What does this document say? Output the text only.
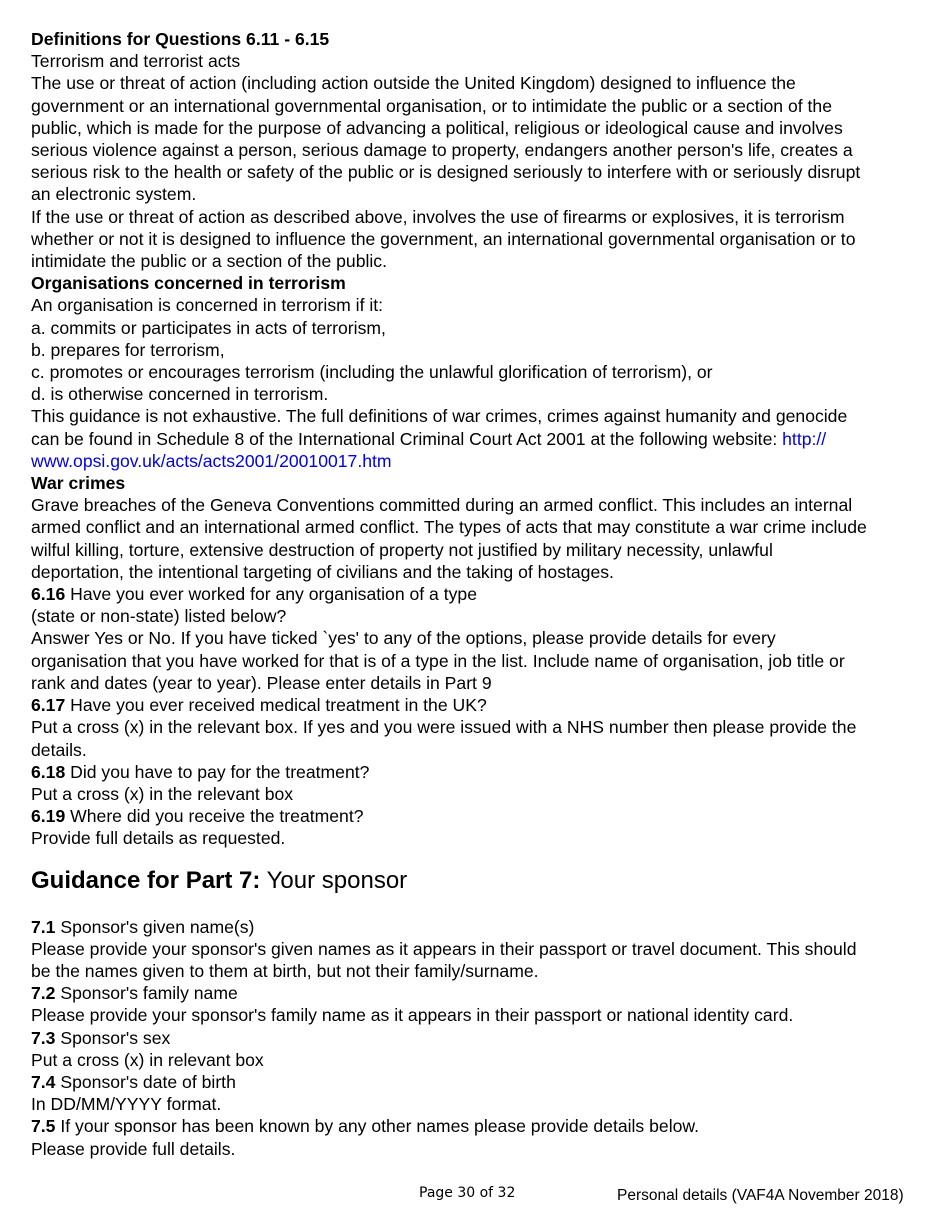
Definitions for Questions 6.11 - 6.15
Terrorism and terrorist acts
The use or threat of action (including action outside the United Kingdom) designed to influence the
government or an international governmental organisation, or to intimidate the public or a section of the
public, which is made for the purpose of advancing a political, religious or ideological cause and involves
serious violence against a person, serious damage to property, endangers another person's life, creates a
serious risk to the health or safety of the public or is designed seriously to interfere with or seriously disrupt
an electronic system.
If the use or threat of action as described above, involves the use of firearms or explosives, it is terrorism
whether or not it is designed to influence the government, an international governmental organisation or to
intimidate the public or a section of the public.
Organisations concerned in terrorism
An organisation is concerned in terrorism if it:
a. commits or participates in acts of terrorism,
b. prepares for terrorism,
c. promotes or encourages terrorism (including the unlawful glorification of terrorism), or
d. is otherwise concerned in terrorism.
This guidance is not exhaustive. The full definitions of war crimes, crimes against humanity and genocide
can be found in Schedule 8 of the International Criminal Court Act 2001 at the following website: http://
www.opsi.gov.uk/acts/acts2001/20010017.htm
War crimes
Grave breaches of the Geneva Conventions committed during an armed conflict. This includes an internal
armed conflict and an international armed conflict. The types of acts that may constitute a war crime include
wilful killing, torture, extensive destruction of property not justified by military necessity, unlawful
deportation, the intentional targeting of civilians and the taking of hostages.
6.16 Have you ever worked for any organisation of a type
(state or non-state) listed below?
Answer Yes or No. If you have ticked `yes' to any of the options, please provide details for every
organisation that you have worked for that is of a type in the list. Include name of organisation, job title or
rank and dates (year to year). Please enter details in Part 9
6.17 Have you ever received medical treatment in the UK?
Put a cross (x) in the relevant box. If yes and you were issued with a NHS number then please provide the
details.
6.18 Did you have to pay for the treatment?
Put a cross (x) in the relevant box
6.19 Where did you receive the treatment?
Provide full details as requested.
Guidance for Part 7: Your sponsor
7.1 Sponsor's given name(s)
Please provide your sponsor's given names as it appears in their passport or travel document. This should
be the names given to them at birth, but not their family/surname.
7.2 Sponsor's family name
Please provide your sponsor's family name as it appears in their passport or national identity card.
7.3 Sponsor's sex
Put a cross (x) in relevant box
7.4 Sponsor's date of birth
In DD/MM/YYYY format.
7.5 If your sponsor has been known by any other names please provide details below.
Please provide full details.
Page 30 of 32	Personal details (VAF4A November 2018)
